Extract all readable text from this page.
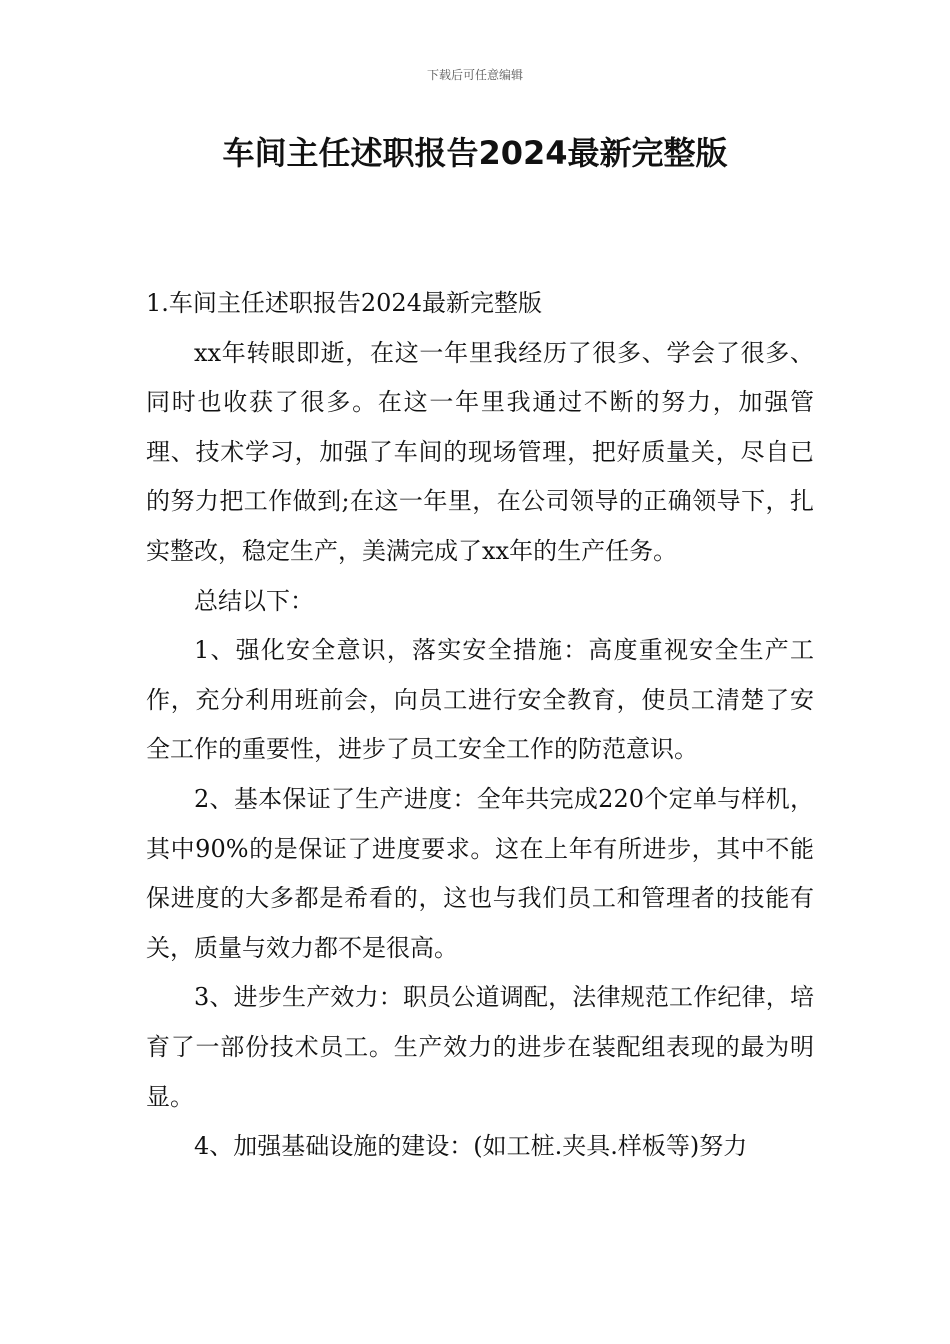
下载后可任意编辑
车间主任述职报告2024最新完整版

1.车间主任述职报告2024最新完整版

xx年转眼即逝，在这一年里我经历了很多、学会了很多、同时也收获了很多。在这一年里我通过不断的努力，加强管理、技术学习，加强了车间的现场管理，把好质量关，尽自已的努力把工作做到;在这一年里，在公司领导的正确领导下，扎实整改，稳定生产，美满完成了xx年的生产任务。

总结以下：

1、强化安全意识，落实安全措施：高度重视安全生产工作，充分利用班前会，向员工进行安全教育，使员工清楚了安全工作的重要性，进步了员工安全工作的防范意识。

2、基本保证了生产进度：全年共完成220个定单与样机，其中90%的是保证了进度要求。这在上年有所进步，其中不能保进度的大多都是希看的，这也与我们员工和管理者的技能有关，质量与效力都不是很高。

3、进步生产效力：职员公道调配，法律规范工作纪律，培育了一部份技术员工。生产效力的进步在装配组表现的最为明显。

4、加强基础设施的建设：(如工桩.夹具.样板等)努力
